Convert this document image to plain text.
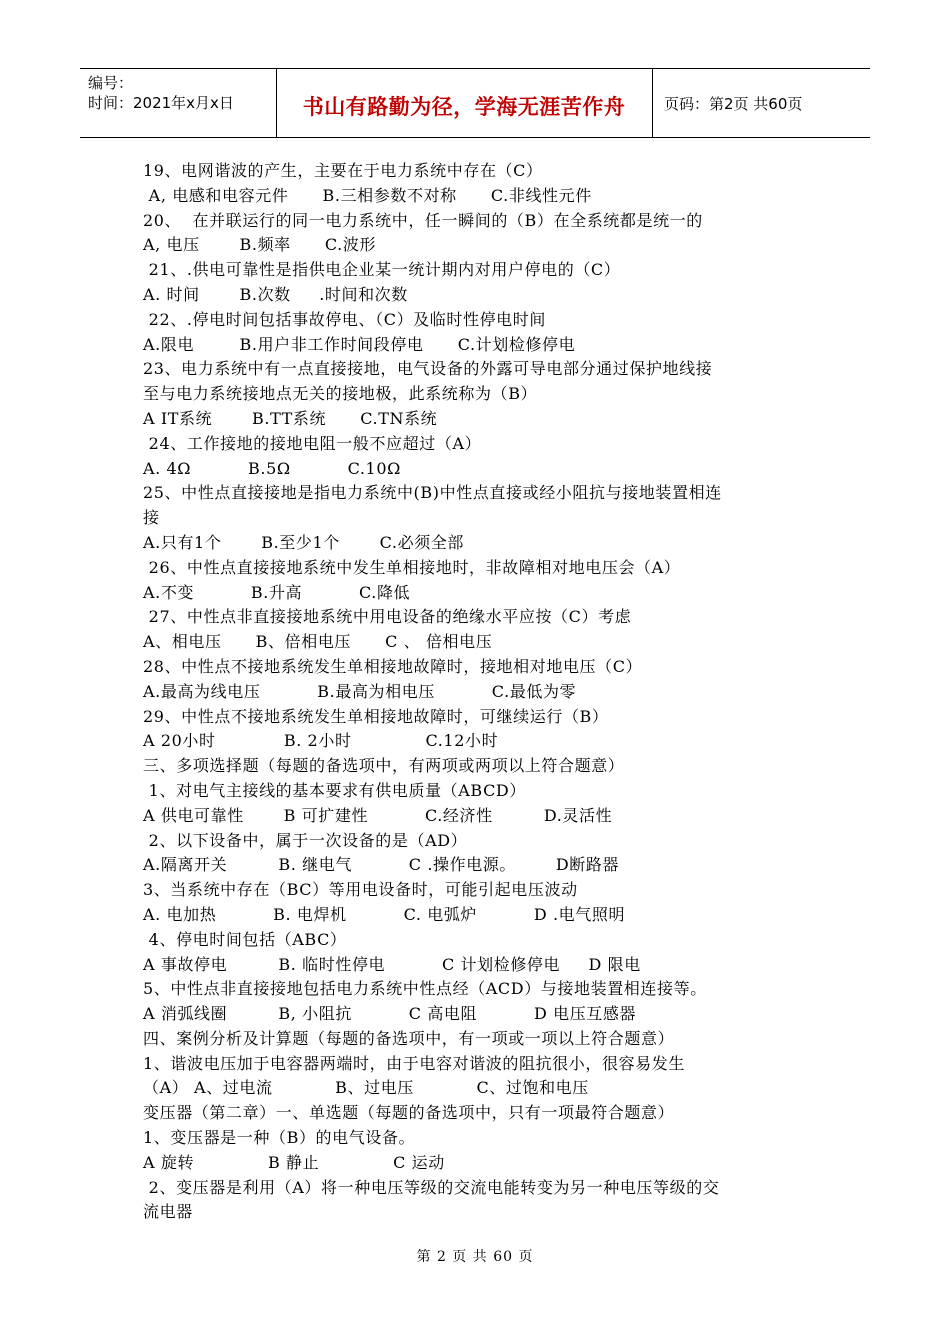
编号：
时间：2021年x月x日	书山有路勤为径，学海无涯苦作舟	页码：第2页 共60页
19、电网谐波的产生，主要在于电力系统中存在（C）
A, 电感和电容元件      B.三相参数不对称      C.非线性元件
20、  在并联运行的同一电力系统中，任一瞬间的（B）在全系统都是统一的
A, 电压       B.频率      C.波形
21、.供电可靠性是指供电企业某一统计期内对用户停电的（C）
A. 时间       B.次数     .时间和次数
22、.停电时间包括事故停电、（C）及临时性停电时间
A.限电        B.用户非工作时间段停电      C.计划检修停电
23、电力系统中有一点直接接地，电气设备的外露可导电部分通过保护地线接
至与电力系统接地点无关的接地极，此系统称为（B）
A IT系统       B.TT系统      C.TN系统
24、工作接地的接地电阻一般不应超过（A）
A. 4Ω          B.5Ω          C.10Ω
25、中性点直接接地是指电力系统中(B)中性点直接或经小阻抗与接地装置相连
接
A.只有1个       B.至少1个       C.必须全部
26、中性点直接接地系统中发生单相接地时，非故障相对地电压会（A）
A.不变          B.升高          C.降低
27、中性点非直接接地系统中用电设备的绝缘水平应按（C）考虑
A、相电压      B、倍相电压      C 、 倍相电压
28、中性点不接地系统发生单相接地故障时，接地相对地电压（C）
A.最高为线电压          B.最高为相电压          C.最低为零
29、中性点不接地系统发生单相接地故障时，可继续运行（B）
A 20小时            B. 2小时             C.12小时
三、多项选择题（每题的备选项中，有两项或两项以上符合题意）
1、对电气主接线的基本要求有供电质量（ABCD）
A 供电可靠性       B 可扩建性          C.经济性         D.灵活性
2、以下设备中，属于一次设备的是（AD）
A.隔离开关         B. 继电气          C .操作电源。       D断路器
3、当系统中存在（BC）等用电设备时，可能引起电压波动
A. 电加热          B. 电焊机          C. 电弧炉          D .电气照明
4、停电时间包括（ABC）
A 事故停电         B. 临时性停电          C 计划检修停电     D 限电
5、中性点非直接接地包括电力系统中性点经（ACD）与接地装置相连接等。
A 消弧线圈         B, 小阻抗          C 高电阻          D 电压互感器
四、案例分析及计算题（每题的备选项中，有一项或一项以上符合题意）
1、谐波电压加于电容器两端时，由于电容对谐波的阻抗很小，很容易发生
（A） A、过电流           B、过电压           C、过饱和电压
变压器（第二章）一、单选题（每题的备选项中，只有一项最符合题意）
1、变压器是一种（B）的电气设备。
A 旋转             B 静止             C 运动
2、变压器是利用（A）将一种电压等级的交流电能转变为另一种电压等级的交
流电器
第 2 页 共 60 页
